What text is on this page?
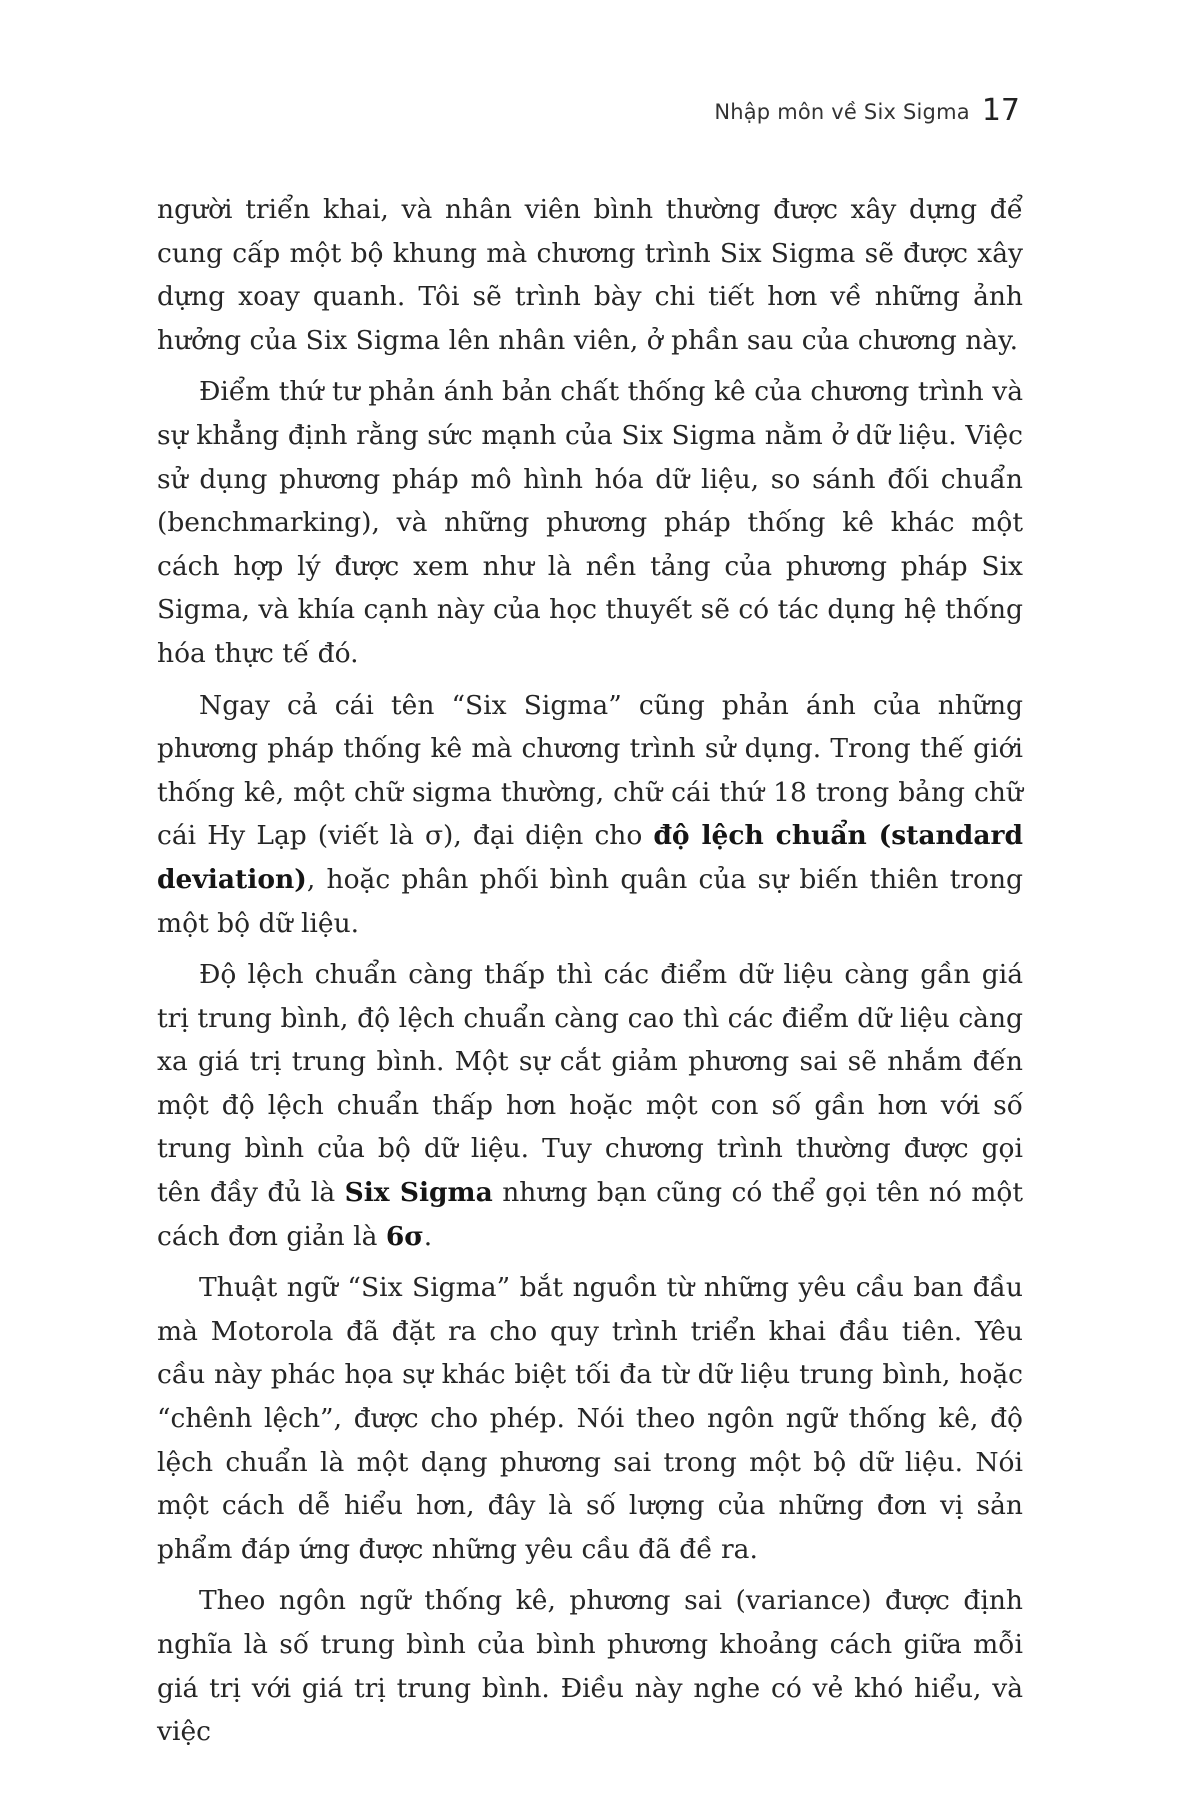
Nhập môn về Six Sigma 17

người triển khai, và nhân viên bình thường được xây dựng để cung cấp một bộ khung mà chương trình Six Sigma sẽ được xây dựng xoay quanh. Tôi sẽ trình bày chi tiết hơn về những ảnh hưởng của Six Sigma lên nhân viên, ở phần sau của chương này.

Điểm thứ tư phản ánh bản chất thống kê của chương trình và sự khẳng định rằng sức mạnh của Six Sigma nằm ở dữ liệu. Việc sử dụng phương pháp mô hình hóa dữ liệu, so sánh đối chuẩn (benchmarking), và những phương pháp thống kê khác một cách hợp lý được xem như là nền tảng của phương pháp Six Sigma, và khía cạnh này của học thuyết sẽ có tác dụng hệ thống hóa thực tế đó.

Ngay cả cái tên “Six Sigma” cũng phản ánh của những phương pháp thống kê mà chương trình sử dụng. Trong thế giới thống kê, một chữ sigma thường, chữ cái thứ 18 trong bảng chữ cái Hy Lạp (viết là σ), đại diện cho độ lệch chuẩn (standard deviation), hoặc phân phối bình quân của sự biến thiên trong một bộ dữ liệu.

Độ lệch chuẩn càng thấp thì các điểm dữ liệu càng gần giá trị trung bình, độ lệch chuẩn càng cao thì các điểm dữ liệu càng xa giá trị trung bình. Một sự cắt giảm phương sai sẽ nhắm đến một độ lệch chuẩn thấp hơn hoặc một con số gần hơn với số trung bình của bộ dữ liệu. Tuy chương trình thường được gọi tên đầy đủ là Six Sigma nhưng bạn cũng có thể gọi tên nó một cách đơn giản là 6σ.

Thuật ngữ “Six Sigma” bắt nguồn từ những yêu cầu ban đầu mà Motorola đã đặt ra cho quy trình triển khai đầu tiên. Yêu cầu này phác họa sự khác biệt tối đa từ dữ liệu trung bình, hoặc “chênh lệch”, được cho phép. Nói theo ngôn ngữ thống kê, độ lệch chuẩn là một dạng phương sai trong một bộ dữ liệu. Nói một cách dễ hiểu hơn, đây là số lượng của những đơn vị sản phẩm đáp ứng được những yêu cầu đã đề ra.

Theo ngôn ngữ thống kê, phương sai (variance) được định nghĩa là số trung bình của bình phương khoảng cách giữa mỗi giá trị với giá trị trung bình. Điều này nghe có vẻ khó hiểu, và việc
